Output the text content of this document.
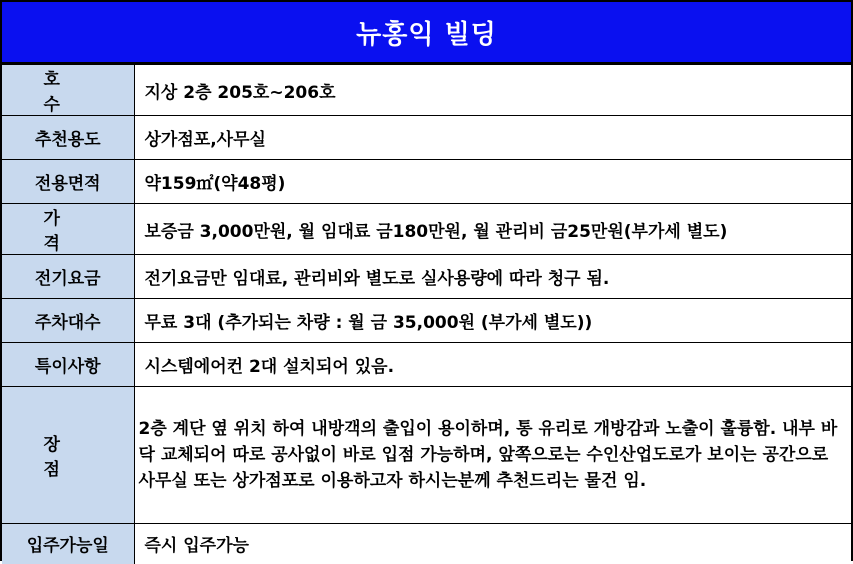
뉴홍익 빌딩
호 수	지상 2층 205호~206호
추천용도	상가점포,사무실
전용면적	약159㎡(약48평)
가 격	보증금 3,000만원, 월 임대료 금180만원, 월 관리비 금25만원(부가세 별도)
전기요금	전기요금만 임대료, 관리비와 별도로 실사용량에 따라 청구 됨.
주차대수	무료 3대 (추가되는 차량 : 월 금 35,000원 (부가세 별도))
특이사항	시스템에어컨 2대 설치되어 있음.
장 점	2층 계단 옆 위치 하여 내방객의 출입이 용이하며, 통 유리로 개방감과 노출이 훌륭함. 내부 바닥 교체되어 따로 공사없이 바로 입점 가능하며, 앞쪽으로는 수인산업도로가 보이는 공간으로 사무실 또는 상가점포로 이용하고자 하시는분께 추천드리는 물건 임.
입주가능일	즉시 입주가능
